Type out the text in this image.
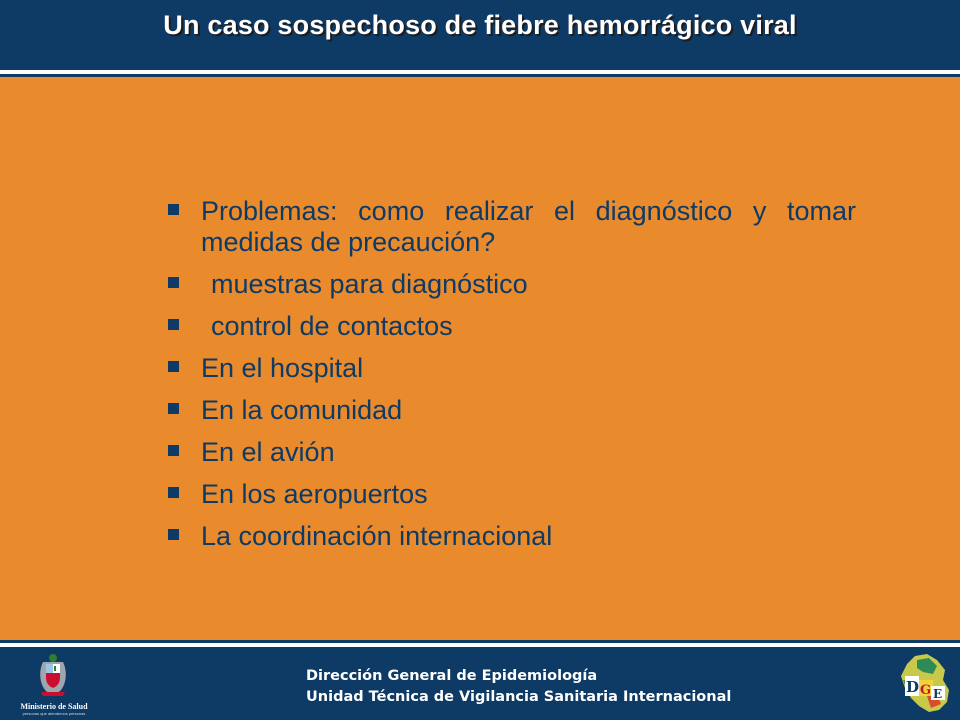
Un caso sospechoso de fiebre hemorrágico viral
Problemas: como realizar el diagnóstico y tomar medidas de precaución?
muestras para diagnóstico
control de contactos
En el hospital
En la comunidad
En el avión
En los aeropuertos
La coordinación internacional
Ministerio de Salud
personas que atendemos personas
Dirección General de Epidemiología
Unidad Técnica de Vigilancia Sanitaria Internacional
D G E
